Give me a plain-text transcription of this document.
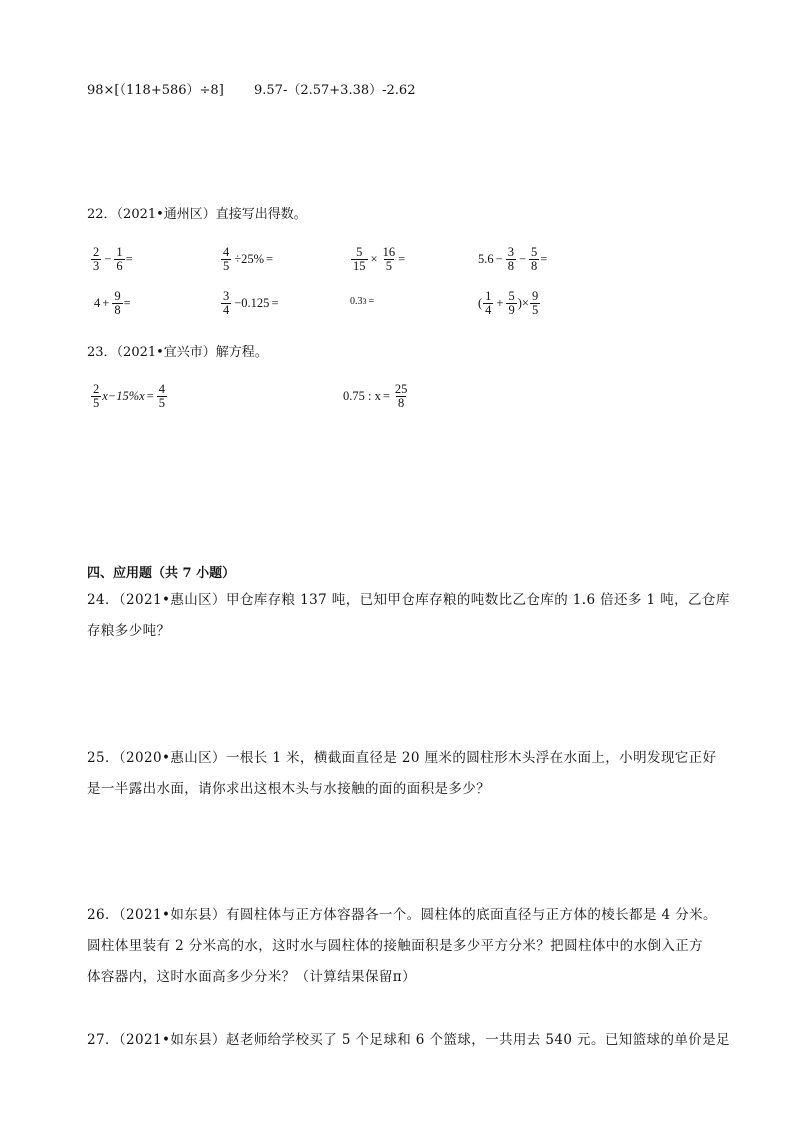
98×[（118+586）÷8] 9.57-（2.57+3.38）-2.62
22．（2021•通州区）直接写出得数。
$\frac{2}{3} - \frac{1}{6}$ =	$\frac{4}{5} \div 25\%$ =	$\frac{5}{15} \times \frac{16}{5}$ =	$5.6 - \frac{3}{8} - \frac{5}{8}$ =
$4 + \frac{9}{8}$ =	$\frac{3}{4} -0.125$ =	0.3 3 =	( $\frac{1}{4} + \frac{5}{9}$ )× $\frac{9}{5}$
23．（2021•宜兴市）解方程。
$\frac{2}{5} x-15\%x = \frac{4}{5}$	0.75 : $x = \frac{25}{8}$
四、应用题（共 7 小题）
24．（2021•惠山区）甲仓库存粮 137 吨，已知甲仓库存粮的吨数比乙仓库的 1.6 倍还多 1 吨，乙仓库
存粮多少吨？
25．（2020•惠山区）一根长 1 米，横截面直径是 20 厘米的圆柱形木头浮在水面上，小明发现它正好
是一半露出水面，请你求出这根木头与水接触的面的面积是多少？
26．（2021•如东县）有圆柱体与正方体容器各一个。圆柱体的底面直径与正方体的棱长都是 4 分米。
圆柱体里装有 2 分米高的水，这时水与圆柱体的接触面积是多少平方分米？把圆柱体中的水倒入正方
体容器内，这时水面高多少分米？（计算结果保留π）
27．（2021•如东县）赵老师给学校买了 5 个足球和 6 个篮球，一共用去 540 元。已知篮球的单价是足
